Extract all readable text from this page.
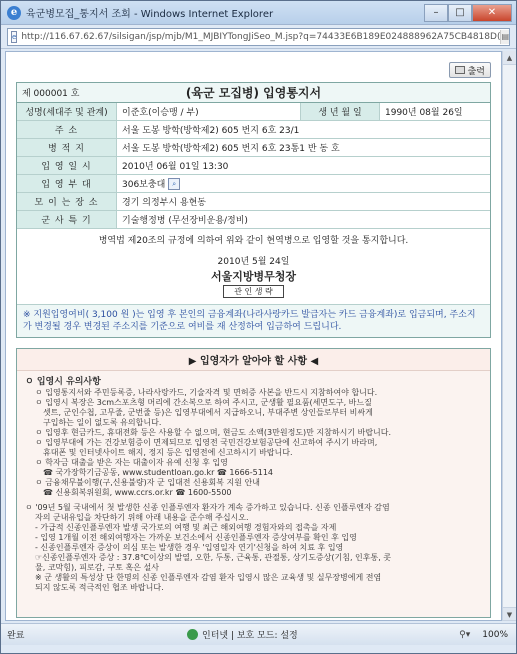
e 육군병모집_통지서 조회 - Windows Internet Explorer	–	□	✕
e http://116.67.62.67/silsigan/jsp/mjb/M1_MJBIYTongJiSeo_M.jsp?q=74433E6B189E024888962A75CB4818D( ▤
출력
제 000001 호	(육군 모집병) 입영통지서
성명(세대주 및 관계)	이준호(이승맹 / 부)	생 년 월 일	1990년 08월 26일
주 소	서울 도봉 방학(방학제2) 605 번지 6호 23/1
병 적 지	서울 도봉 방학(방학제2) 605 번지 6호 23통1 반 동 호
입 영 일 시	2010년 06월 01일 13:30
입 영 부 대	306보충대	⌕
모 이 는 장 소	경기 의정부시 용현동
군 사 특 기	기술행정병 (무선장비운용/정비)
병역법 제20조의 규정에 의하여 위와 같이 현역병으로 입영할 것을 통지합니다.
2010년 5월 24일
서울지방병무청장
관 인 생 략
※ 지원입영여비( 3,100 원 )는 입영 후 본인의 금융계좌(나라사랑카드 발급자는 카드 금융계좌)로 입금되며, 주소지가 변경될 경우 변경된 주소지를 기준으로 여비를 재 산정하여 입금하여 드립니다.
▶ 입영자가 알아야 할 사항 ◀
ㅇ 입영시 유의사항
ㅇ 입영통지서와 주민등록증, 나라사랑카드, 기술자격 및 면허증 사본을 반드시 지참하여야 합니다.
ㅇ 입영시 복장은 3cm스포츠형 머리에 간소복으로 하여 주시고, 군생활 필요품(세면도구, 바느질
셋트, 군인수첩, 고무줄, 군번줄 등)은 입영부대에서 지급하오니, 부대주변 상인들로부터 비싸게
구입하는 일이 없도록 유의합니다.
ㅇ 입영후 현금카드, 휴대전화 등은 사용할 수 없으며, 현금도 소액(3만원정도)만 지참하시기 바랍니다.
ㅇ 입영부대에 가는 건강보험증이 면제되므로 입영전 국민건강보험공단에 신고하여 주시기 바라며,
휴대폰 및 인터넷사이트 해지, 정지 등은 입영전에 신고하시기 바랍니다.
ㅇ 학자금 대출을 받은 자는 대출이자 유예 신청 후 입영
☎ 국가장학기금공동, www.studentloan.go.kr ☎ 1666-5114
ㅇ 금융채무불이행(구,신용불량)자 군 입대전 신용회복 지원 안내
☎ 신용회복위원회, www.ccrs.or.kr ☎ 1600-5500
ㅇ '09년 5월 국내에서 첫 발생한 신종 인플루엔자 환자가 계속 증가하고 있습니다. 신종 인플루엔자 감염
자의 군내유입을 차단하기 위해 아래 내용을 준수해 주십시오.
- 가급적 신종인플루엔자 발생 국가로의 여행 및 최근 해외여행 경험자와의 접촉을 자제
- 입영 1개월 이전 해외여행자는 가까운 보건소에서 신종인플루엔자 증상여부를 확인 후 입영
- 신종인플루엔자 증상이 의심 또는 발생한 경우 '입영일자 연기'신청을 하여 치료 후 입영
☞신종인플루엔자 증상 : 37.8℃이상의 발열, 오한, 두통, 근육통, 관절통, 상기도증상(기침, 인후통, 콧
물, 코막힘), 피로감, 구토 혹은 설사
※ 군 생활의 특성상 단 한명의 신종 인플루엔자 감염 환자 입영시 많은 교육생 및 실무장병에게 전염
되지 않도록 적극적인 협조 바랍니다.
▲
▼
완료	인터넷 | 보호 모드: 설정	⚲▾ 100%
